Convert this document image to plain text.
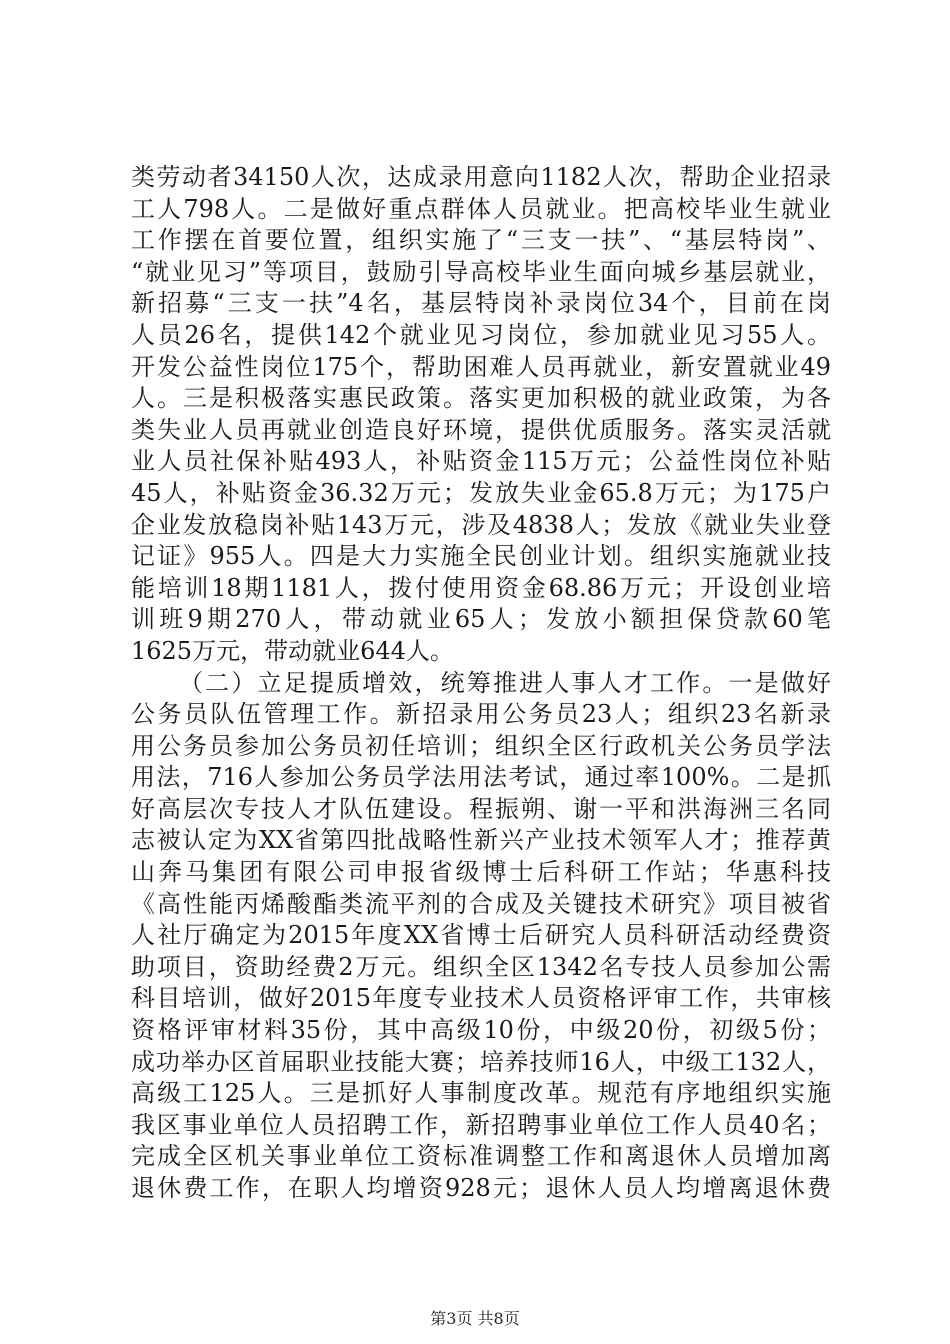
类劳动者34150人次，达成录用意向1182人次，帮助企业招录
工人798人。二是做好重点群体人员就业。把高校毕业生就业
工作摆在首要位置，组织实施了“三支一扶”、“基层特岗”、
“就业见习”等项目，鼓励引导高校毕业生面向城乡基层就业，
新招募“三支一扶”4名，基层特岗补录岗位34个，目前在岗
人员26名，提供142个就业见习岗位，参加就业见习55人。
开发公益性岗位175个，帮助困难人员再就业，新安置就业49
人。三是积极落实惠民政策。落实更加积极的就业政策，为各
类失业人员再就业创造良好环境，提供优质服务。落实灵活就
业人员社保补贴493人，补贴资金115万元；公益性岗位补贴
45人，补贴资金36.32万元；发放失业金65.8万元；为175户
企业发放稳岗补贴143万元，涉及4838人；发放《就业失业登
记证》955人。四是大力实施全民创业计划。组织实施就业技
能培训18期1181人，拨付使用资金68.86万元；开设创业培
训班9期270人，带动就业65人；发放小额担保贷款60笔
1625万元，带动就业644人。
（二）立足提质增效，统筹推进人事人才工作。一是做好
公务员队伍管理工作。新招录用公务员23人；组织23名新录
用公务员参加公务员初任培训；组织全区行政机关公务员学法
用法，716人参加公务员学法用法考试，通过率100%。二是抓
好高层次专技人才队伍建设。程振朔、谢一平和洪海洲三名同
志被认定为XX省第四批战略性新兴产业技术领军人才；推荐黄
山奔马集团有限公司申报省级博士后科研工作站；华惠科技
《高性能丙烯酸酯类流平剂的合成及关键技术研究》项目被省
人社厅确定为2015年度XX省博士后研究人员科研活动经费资
助项目，资助经费2万元。组织全区1342名专技人员参加公需
科目培训，做好2015年度专业技术人员资格评审工作，共审核
资格评审材料35份，其中高级10份，中级20份，初级5份；
成功举办区首届职业技能大赛；培养技师16人，中级工132人，
高级工125人。三是抓好人事制度改革。规范有序地组织实施
我区事业单位人员招聘工作，新招聘事业单位工作人员40名；
完成全区机关事业单位工资标准调整工作和离退休人员增加离
退休费工作，在职人均增资928元；退休人员人均增离退休费
第3页 共8页
